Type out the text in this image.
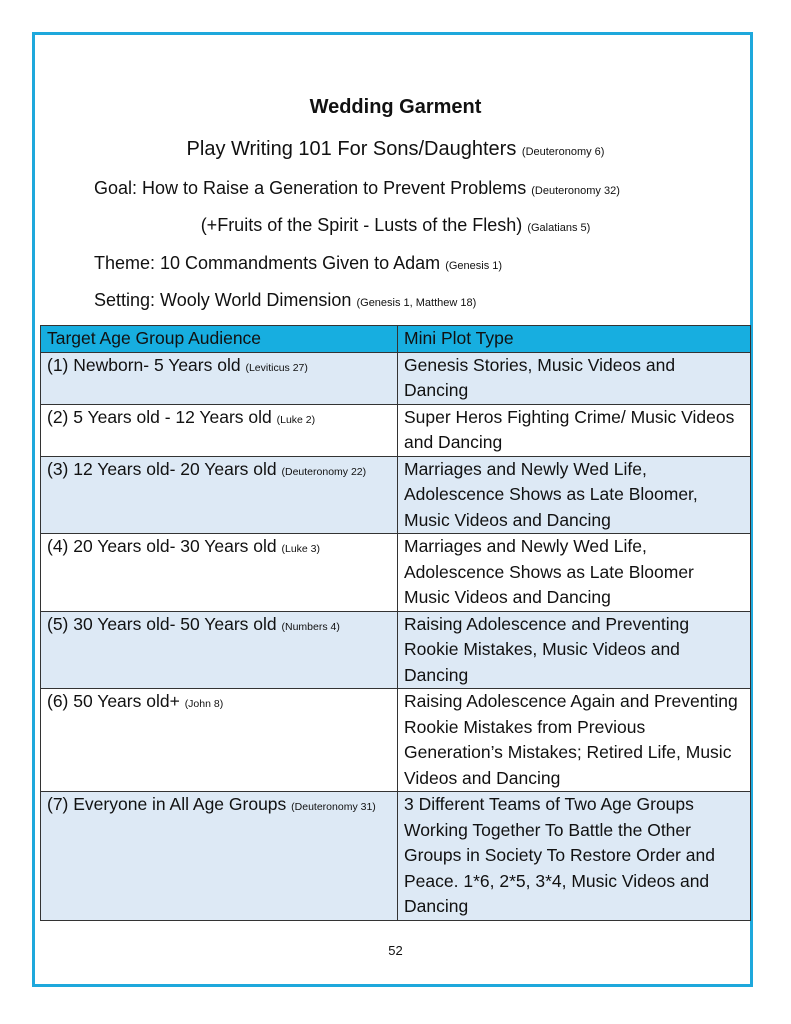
Wedding Garment
Play Writing 101 For Sons/Daughters (Deuteronomy 6)
Goal: How to Raise a Generation to Prevent Problems (Deuteronomy 32)
(+Fruits of the Spirit - Lusts of the Flesh) (Galatians 5)
Theme: 10 Commandments Given to Adam (Genesis 1)
Setting: Wooly World Dimension (Genesis 1, Matthew 18)
Target Age Group Audience	Mini Plot Type
(1) Newborn- 5 Years old (Leviticus 27)	Genesis Stories, Music Videos and Dancing
(2) 5 Years old - 12 Years old (Luke 2)	Super Heros Fighting Crime/ Music Videos and Dancing
(3) 12 Years old- 20 Years old (Deuteronomy 22)	Marriages and Newly Wed Life, Adolescence Shows as Late Bloomer, Music Videos and Dancing
(4) 20 Years old- 30 Years old (Luke 3)	Marriages and Newly Wed Life, Adolescence Shows as Late Bloomer Music Videos and Dancing
(5) 30 Years old- 50 Years old (Numbers 4)	Raising Adolescence and Preventing Rookie Mistakes, Music Videos and Dancing
(6) 50 Years old+ (John 8)	Raising Adolescence Again and Preventing Rookie Mistakes from Previous Generation’s Mistakes; Retired Life, Music Videos and Dancing
(7) Everyone in All Age Groups (Deuteronomy 31)	3 Different Teams of Two Age Groups Working Together To Battle the Other Groups in Society To Restore Order and Peace. 1*6, 2*5, 3*4, Music Videos and Dancing
52
